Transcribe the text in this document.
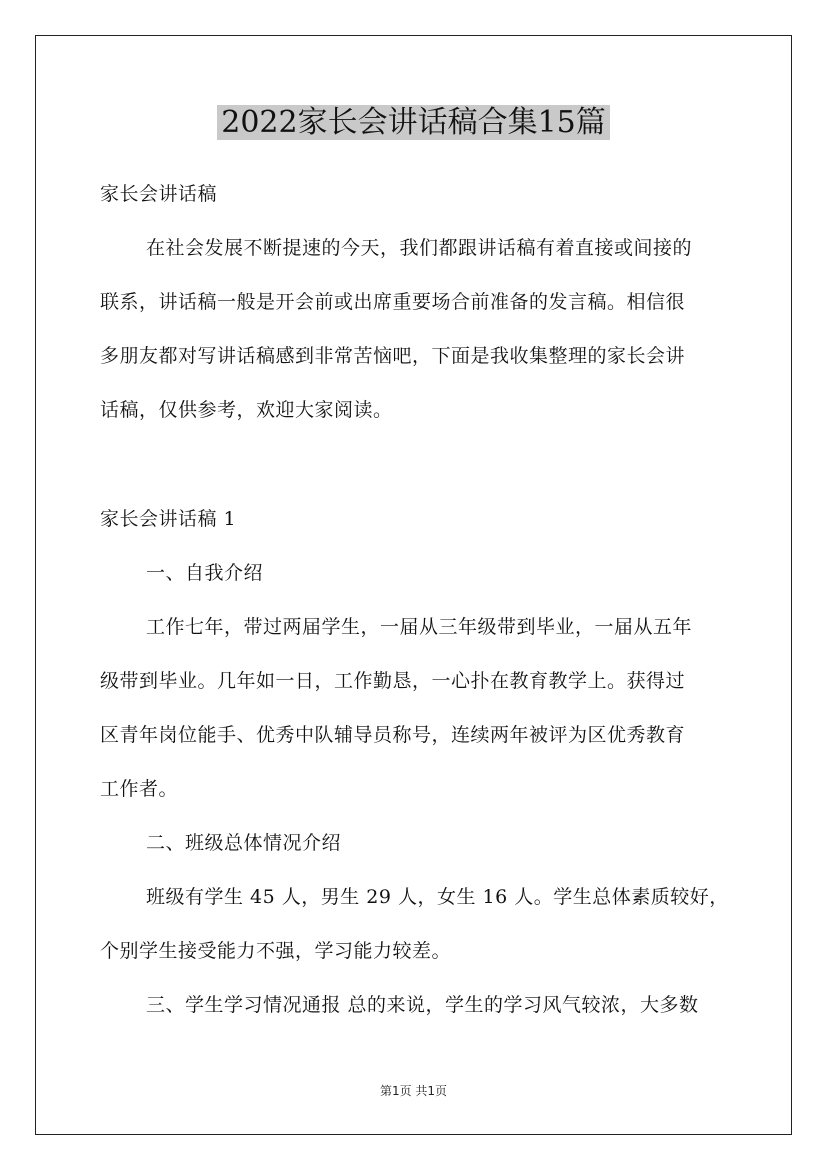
2022家长会讲话稿合集15篇
家长会讲话稿
在社会发展不断提速的今天，我们都跟讲话稿有着直接或间接的
联系，讲话稿一般是开会前或出席重要场合前准备的发言稿。相信很
多朋友都对写讲话稿感到非常苦恼吧，下面是我收集整理的家长会讲
话稿，仅供参考，欢迎大家阅读。
家长会讲话稿 1
一、自我介绍
工作七年，带过两届学生，一届从三年级带到毕业，一届从五年
级带到毕业。几年如一日，工作勤恳，一心扑在教育教学上。获得过
区青年岗位能手、优秀中队辅导员称号，连续两年被评为区优秀教育
工作者。
二、班级总体情况介绍
班级有学生 45 人，男生 29 人，女生 16 人。学生总体素质较好，
个别学生接受能力不强，学习能力较差。
三、学生学习情况通报 总的来说，学生的学习风气较浓，大多数
第1页 共1页
